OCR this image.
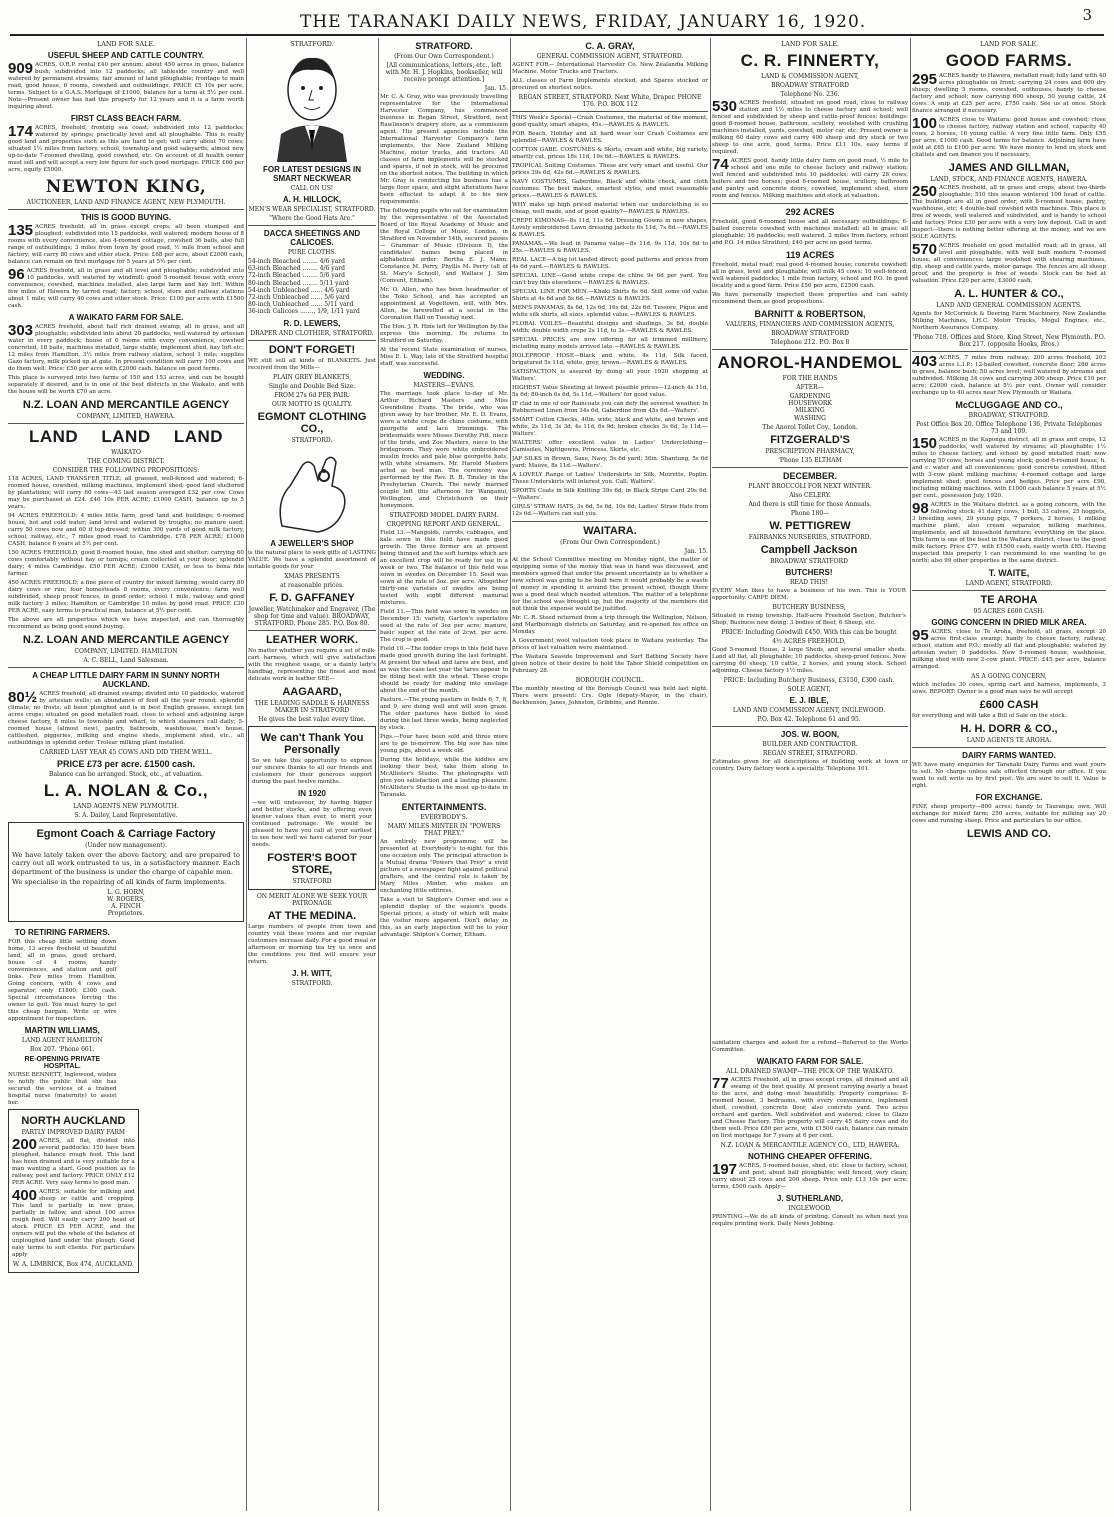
THE TARANAKI DAILY NEWS, FRIDAY, JANUARY 16, 1920.	3
LAND FOR SALE.
USEFUL SHEEP AND CATTLE COUNTRY.
909 ACRES, O.R.P. rental £40 per annum; about 450 acres in grass, balance bush; subdivided into 12 paddocks; all tableside country and well watered by permanent streams; fair amount of land ploughable; frontage to main road, good house, 6 rooms, cowshed and outbuildings. PRICE £5 10s per acre, terms. Subject to a G.A.S. Mortgage of £1000, balance for a term at 5½ per cent. Note—Present owner has had this property for 12 years and it is a farm worth inquiring about.
FIRST CLASS BEACH FARM.
174 ACRES, freehold, fronting sea coast; subdivided into 12 paddocks; watered by springs; practically level and all ploughable. This is really good land and properties such as this are hard to get; will carry about 70 cows; situated 1½ miles from factory, school, township and good saleyards; almost new up-to-date 7-roomed dwelling, good cowshed, etc. On account of ill health owner must sell and will accept a very low figure for such good mortgage. PRICE £60 per acre, equity £5000.
NEWTON KING,
AUCTIONEER, LAND AND FINANCE AGENT, NEW PLYMOUTH.
THIS IS GOOD BUYING.
135 ACRES freehold, all in grass except crops; all been stumped and ploughed; subdivided into 15 paddocks, well watered; modern house of 8 rooms with every convenience, also 4-roomed cottage, cowshed 36 bails, also full range of outbuildings; 3 miles from town by good road, ½ mile from school and factory; will carry 80 cows and other stock. Price: £68 per acre, about £2000 cash, balance can remain on first mortgage for 5 years at 5½ per cent.
96 ACRES freehold, all in grass and all level and ploughable; subdivided into 10 paddocks, well watered by windmill; good 5-roomed house with every convenience, cowshed, machines installed, also large farm and hay loft. Within few miles of Hawera by tarred road; factory, school, store and railway stations about 1 mile; will carry 40 cows and other stock. Price: £100 per acre with £1500 cash.
A WAIKATO FARM FOR SALE.
303 ACRES freehold, about half rich drained swamp, all in grass, and all ploughable; subdivided into about 20 paddocks, well watered by artesian water in every paddock; house of 6 rooms with every convenience, cowshed concreted, 18 bails, machines installed, large stable, implement shed, hay loft etc; 12 miles from Hamilton, 3½ miles from railway station, school 1 mile; supplies Gazo factory, milk picked up at gate. In present condition will carry 100 cows and do them well. Price: £50 per acre with £2000 cash, balance on good terms.
This place is surveyed into two farms of 150 and 153 acres, and can be bought separately if desired, and is in one of the best districts in the Waikato, and with the house will be worth £70 an acre.
N.Z. LOAN AND MERCANTILE AGENCY
COMPANY, LIMITED, HAWERA.
LAND LAND LAND
WAIKATO
THE COMING DISTRICT.
CONSIDER THE FOLLOWING PROPOSITIONS:
118 ACRES, LAND TRANSFER TITLE; all grassed, well-fenced and watered; 6-roomed house, cowshed, milking machines, implement shed; good land sheltered by plantations; will carry 60 cows—43 last season averaged £32 per cow. Cows may be purchased at £24. £46 10s PER ACRE; £1000 CASH, balance up to 5 years.
94 ACRES FREEHOLD; 4 miles little farm, good land and buildings; 6-roomed house, hot and cold water; land level and watered by troughs; no manure used; carry 50 cows now and 60 if top-dressed; within 300 yards of good milk factory, school, railway, etc., 7 miles good road to Cambridge. £78 PER ACRE; £1000 CASH, balance 6 years at 5½ per cent.
150 ACRES FREEHOLD; good 8-roomed house, fine shed and shelter; carrying 60 cows comfortably without hay or turnips; cream collected at your door; splendid dairy; 4 miles Cambridge. £50 PER ACRE; £3000 CASH, or less to bona fide farmer.
450 ACRES FREEHOLD; a fine piece of country for mixed farming, would carry 80 dairy cows or run; four homesteads 8 rooms, every convenience; farm well subdivided, sheep proof fences, in good order; school 1 mile, railway and good milk factory 3 miles; Hamilton or Cambridge 10 miles by good road. PRICE £30 PER ACRE, easy terms to practical man, balance at 5½ per cent.
The above are all properties which we have inspected, and can thoroughly recommend as being good sound buying.
N.Z. LOAN AND MERCANTILE AGENCY
COMPANY, LIMITED. HAMILTON
A. C. BELL, Land Salesman.
A CHEAP LITTLE DAIRY FARM IN SUNNY NORTH AUCKLAND.
80½ ACRES freehold, all drained swamp; divided into 10 paddocks, watered by artesian wells; an abundance of feed all the year round; splendid climate; no frosts; all been ploughed and is in best English grasses, except ten acres crops; situated on good metalled road, close to school and adjoining large cheese factory, 8 miles to township and wharf, to which steamers call daily; 5-roomed house (almost new), pantry, bathroom, washhouse, men's house, cattleshed, piggeries, milking and engine sheds, implement shed, etc., all outbuildings in splendid order. Trolear milking plant installed.
CARRIED LAST YEAR 45 COWS AND DID THEM WELL.
PRICE £73 per acre. £1500 cash.
Balance can be arranged. Stock, etc., at valuation.
L. A. NOLAN & Co.,
LAND AGENTS NEW PLYMOUTH.
S. A. Dailey, Land Representative.
Egmont Coach & Carriage Factory
(Under new management).
We have lately taken over the above factory, and are prepared to carry out all work entrusted to us, in a satisfactory manner. Each department of the business is under the charge of capable men.
We specialise in the repairing of all kinds of farm implements.
L. G. HORN,
W. ROGERS,
A. FINCH
Proprietors.
TO RETIRING FARMERS.
FOR this cheap little settling down home, 13 acres freehold of beautiful land, all in grass, good orchard, house of 4 rooms, handy conveniences, and station and golf links. Few miles from Hamilton. Going concern, with 4 cows and separator, only £1800; £300 cash. Special circumstances forcing the owner to quit. You must hurry to get this cheap bargain. Write or wire appointment for inspection.
MARTIN WILLIAMS,
LAND AGENT HAMILTON
Box 207. 'Phone 661.
RE-OPENING PRIVATE HOSPITAL.
NURSE BENNETT, Inglewood, wishes to notify the public that she has secured the services of a trained hospital nurse (maternity) to assist her.

NORTH AUCKLAND
PARTLY IMPROVED DAIRY FARM
200 ACRES, all flat, divided into several paddocks; 150 have been ploughed, balance rough feed. This land has been drained and is very suitable for a man wanting a start. Good position as to railway, post and factory. PRICE ONLY £12 PER ACRE. Very easy terms to good man.
400 ACRES, suitable for milking and sheep or cattle and cropping. This land is partially in new grass, partially in fallow, and about 100 acres rough feed. Will easily carry 200 head of stock. PRICE £5 PER ACRE, and the owners will put the whole of the balance of unploughed land under the plough. Good easy terms to suit clients. For particulars apply
W. A. LIMBRICK, Box 474, AUCKLAND.
STRATFORD.
FOR LATEST DESIGNS IN SMART NECKWEAR
CALL ON US!
A. H. HILLOCK,
MEN'S WEAR SPECIALIST, STRATFORD.
"Where the Good Hats Are."
DACCA SHEETINGS AND CALICOES.
PURE CLOTHS.
54-inch Bleached ........ 4/6 yard
63-inch Bleached ........ 4/6 yard
72-inch Bleached ........ 5/6 yard
80-inch Bleached ........ 5/11 yard
54-inch Unbleached ...... 4/6 yard
72-inch Unbleached ...... 5/6 yard
80-inch Unbleached ...... 5/11 yard
36-inch Calicoes ........ 1/9, 1/11 yard
R. D. LEWERS,
DRAPER AND CLOTHIER, STRATFORD.
DON'T FORGET!
WE still sell all kinds of BLANKETS. Just received from the Mills—
PLAIN GREY BLANKETS,
Single and Double Bed Size.
FROM 27s 6d PER PAIR.
OUR MOTTO IS QUALITY.
EGMONT CLOTHING CO.,
STRATFORD.
A JEWELLER'S SHOP
is the natural place to seek gifts of LASTING VALUE. We have a splendid assortment of suitable goods for your
XMAS PRESENTS
at reasonable prices.
F. D. GAFFANEY
Jeweller, Watchmaker and Engraver, (The shop for time and value). BROADWAY, STRATFORD. Phone 285. P.O. Box 80.
LEATHER WORK.
No matter whether you require a set of milk-cart harness, which will give satisfaction with the roughest usage, or a dainty lady's handbag, representing the finest and most delicate work in leather SEE—
AAGAARD,
THE LEADING SADDLE & HARNESS MAKER IN STRATFORD
He gives the best value every time.
We can't Thank You Personally
So we take this opportunity to express our sincere thanks to all our friends and customers for their generous support during the past twelve months.
IN 1920
—we will endeavour, by having bigger and better stocks, and by offering even keener values than ever, to merit your continued patronage. We would be pleased to have you call at your earliest to see how well we have catered for your needs.
FOSTER'S BOOT STORE,
STRATFORD
ON MERIT ALONE WE SEEK YOUR PATRONAGE
AT THE MEDINA.
Large numbers of people from town and country visit these rooms and our regular customers increase daily. For a good meal or afternoon or morning tea try us once and the conditions you find will ensure your return.
J. H. WITT,
STRATFORD.
STRATFORD.
(From Our Own Correspondent.)
[All communications, letters, etc., left with Mr. H. J. Hopkins, bookseller, will receive prompt attention.]
Jan. 15.
Mr. C. A. Gray, who was previously travelling representative for the International Harvester Company, has commenced business in Regan Street, Stratford, next Rawlinson's drapery store, as a commission agent. His present agencies include the International Harvester Company's farm implements, the New Zealand Milking Machine, motor trucks, and tractors. All classes of farm implements will be stocked and spares, if not in stock, will be procured on the shortest notice. The building in which Mr. Gray is conducting his business has a large floor space, and slight alterations have been effected to adapt it to his new requirements.
The following pupils who sat for examination by the representative of the Associated Board of the Royal Academy of Music and the Royal College of Music, London, in Stratford on November 14th, secured passes — Grammar of Music (Division I), the candidates' names being placed in alphabetical order: Bertha E. J. Mann, Constance M. Perry, Phyllis M. Perry (all of St. Mary's School), and Wallace J. Sim (Convent, Eltham).
Mr. O. Allen, who has been headmaster of the Toko School, and has accepted an appointment at Vogeltown, will, with Mrs. Allen, be farewelled at a social in the Coronation Hall on Tuesday next.
The Hon. J. R. Hine left for Wellington by the express this morning. He returns to Stratford on Saturday.
At the recent State examination of nurses, Miss E. L. Way, late of the Stratford hospital staff, was successful.
WEDDING.
MASTERS—EVANS.
The marriage took place to-day of Mr. Arthur Richard Masters and Miss Gwendoline Evans. The bride, who was given away by her brother, Mr. E. D. Evans, wore a white crepe de chine costume, with georgette and lace trimmings. The bridesmaids were Misses Dorothy Pitt, niece of the bride, and Zoe Masters, niece to the bridegroom. They wore white embroidered muslin frocks and pale blue georgette hats, with white streamers. Mr. Harold Masters acted as best man. The ceremony was performed by the Rev. R. B. Tinsley in the Presbyterian Church. The newly married couple left this afternoon for Wanganui, Wellington, and Christchurch on their honeymoon.
STRATFORD MODEL DAIRY FARM.
CROPPING REPORT AND GENERAL.
Field 13.—Mangolds, carrots, cabbages, and kale sown in this field have made good growth. The three former are at present being thinned and the soft turnips which are an excellent crop will be ready for use in a week or two. The balance of this field was sown in swedes on December 15. Seed was sown at the rate of 3oz. per acre. Altogether thirty-one varieties of swedes are being tested with eight different manurial mixtures.
Field 11.—This field was sown in swedes on December 15; variety, Garton's superlative seed at the rate of 3oz per acre; manure, basic super, at the rate of 2cwt. per acre. The crop is good.
Field 10.—The fodder crops in this field have made good growth during the last fortnight. At present the wheat and tares are best, and as was the case last year the tares appear to be doing best with the wheat. These crops should be ready for making into ensilage about the end of the month.
Pasture.—The young pasture in fields 6, 7, 8, and 9, are doing well and will soon graze. The older pastures have bolted to seed during the last three weeks, being neglected by stock.
Pigs.—Four have been sold and three more are to go to-morrow. The big sow has nine young pigs, about a week old.
During the holidays, while the kiddies are looking their best, take them along to McAllister's Studio. The photographs will give you satisfaction and a lasting pleasure. McAllister's Studio is the most up-to-date in Taranaki.
ENTERTAINMENTS.
EVERYBODY'S.
MARY MILES MINTER IN "POWERS THAT PREY."
An entirely new programme will be presented at Everybody's to-night for this one occasion only. The principal attraction is a Mutual drama "Powers that Prey" a vivid picture of a newspaper fight against political grafters, and the central role is taken by Mary Miles Minter, who makes an enchanting little editress.
Take a visit to Shipton's Corner and see a splendid display of the season's goods. Special prices, a study of which will make the visitor more apparent. Don't delay in this, as an early inspection will be to your advantage. Shipton's Corner, Eltham.
C. A. GRAY,
GENERAL COMMISSION AGENT, STRATFORD.
AGENT FOR— International Harvester Co. New Zealandia Milking Machine. Motor Trucks and Tractors.
ALL classes of Farm Implements stocked, and Spares stocked or procured on shortest notice.
REGAN STREET, STRATFORD. Next White, Draper. PHONE 176. P.O. BOX 112
THIS Week's Special—Crash Costumes, the material of the moment, good quality, smart shapes, 45s.—RAWLES & RAWLES.
FOR Beach, Holiday and all hard wear our Crash Costumes are splendid—RAWLES & RAWLES.
COTTON GABE. COSTUMES & Skirts, cream and white, big variety, smartly cut, prices 18s 11d, 19s 6d.—RAWLES & RAWLES.
TROPICAL Suiting Costumes. These are very smart and useful. Our prices 39s 6d, 42s 6d.—RAWLES & RAWLES.
NAVY COSTUMES, Gaberdine, Black and white check, and cloth costumes. The best makes, smartest styles, and most reasonable prices.—RAWLES & RAWLES.
WHY make up high priced material when our underclothing is so cheap, well made, and of good quality?—RAWLES & RAWLES.
CREPE KIMONAS—8s 11d, 11s 6d. Dressing Gowns in new shapes, Lovely embroidered Lawn dressing jackets 6s 11d, 7s 6d.—RAWLES & RAWLES.
PANAMAS.—We lead in Panama value—8s 11d, 9s 11d, 10s 6d to 25s.—RAWLES & RAWLES.
REAL LACE—A big lot landed direct; good patterns and prices from 4s 6d yard.—RAWLES & RAWLES.
SPECIAL LINE—Good white crepe de chine 9s 6d per yard. You can't buy this elsewhere.—RAWLES & RAWLES.
SPECIAL LINE FOR MEN.—Khaki Shirts 6s 6d. Still some old value Shirts at 4s 6d and 5s 6d.—RAWLES & RAWLES.
MEN'S PANAMAS, 8s 6d, 12s 6d, 16s 6d, 22s 6d. Tussore, Pique and white silk shirts, all sizes, splendid value.—RAWLES & RAWLES.
FLORAL VOILES—Beautiful designs and shadings, 3s 6d, double width; double width crepe 2s 11d, to 3s.—RAWLES & RAWLES.
SPECIAL PRICES are now offering for all trimmed millinery, including many models arrived late.—RAWLES & RAWLES.
HOLEPROOF HOSE—Black and white, 4s 11d, Silk faced, brigatured 5s 11d, white, grey, brown.—RAWLES & RAWLES.
SATISFACTION is assured by doing all your 1920 shopping at Walters'.
HIGHEST Value Sheeting at lowest possible prices—12-inch 4s 11d, 5s 6d; 80-inch 6s 6d, 5s 11d.—Walters' for good value.
IF clad in one of our Raincoats you can defy the severest weather. In Rubberised Linen from 34s 6d, Gaberdine from 45s 6d.—Walters'.
SMART Cotton Checks, 40in. wide, black and white, and brown and white, 2s 11d, 3s 3d, 4s 11d, 6s 9d; broken checks 3s 6d, 3s 11d.—Walters'.
WALTERS' offer excellent value in Ladies' Underclothing—Camisoles, Nightgowns, Princess, Skirts, etc.
JAP SILKS in Brown, Saxe, Navy, 5s 6d yard; 36in. Shantung, 5s 6d yard; Mauve, 8s 11d.—Walters'.
A LOVELY Range of Ladies' Underskirts in Silk, Moirette, Poplin. These Underskirts will interest you. Call. Walters'.
SPORTS Coats in Silk Knitting 39s 6d; in Black Stripe Card 29s 6d.—Walters'.
GIRLS' STRAW HATS, 3s 6d, 5s 6d, 10s 6d; Ladies' Straw Hats from 12s 6d.—Walters can suit you.
WAITARA.
(From Our Own Correspondent.)
Jan. 15.
At the School Committee meeting on Monday night, the matter of equipping some of the money that was in hand was discussed, and members agreed that under the present uncertainty as to whether a new school was going to be built here it would probably be a waste of money in spending it around the present school, though there was a good deal which needed attention. The matter of a telephone for the school was brought up, but the majority of the members did not think the expense would be justified.
Mr. C. R. Steed returned from a trip through the Wellington, Nelson, and Marlborough districts on Saturday, and re-opened his office on Monday.
A Government wool valuation took place in Waitara yesterday. The prices of last valuation were maintained.
The Waitara Seaside Improvement and Surf Bathing Society have given notice of their desire to hold the Tabor Shield competition on February 28.
BOROUGH COUNCIL.
The monthly meeting of the Borough Council was held last night. There were present: Crs. Ogle (deputy-Mayor, in the chair), Beckhenson, Janes, Johnston, Gribbins, and Rennie.
LAND FOR SALE.
C. R. FINNERTY,
LAND & COMMISSION AGENT,
BROADWAY STRATFORD
Telephone No. 236.
530 ACRES freehold, situated on good road, close to railway station and 1½ miles to cheese factory and school; well fenced and subdivided by sheep and cattle-proof fences; buildings: good 8-roomed house, bathroom, scullery, woolshed with crushing machines installed, yards, cowshed, motor car, etc. Present owner is milking 60 dairy cows and carry 400 sheep and dry stock or two sheep to one acre, good terms. Price £11 10s, easy terms if required.
74 ACRES good, handy little dairy farm on good road, ½ mile to school and one mile to cheese factory and railway station; well fenced and subdivided into 10 paddocks; will carry 28 cows; heifers and two horses; good 6-roomed house, scullery, bathroom and pantry and concrete doors, cowshed, implement shed, store room and fences. Milking machines and stock at valuation.
292 ACRES
Freehold, good 6-roomed house and all necessary outbuildings; 6-bailed concrete cowshed with machines installed; all in grass; all ploughable; 16 paddocks; well watered. 2 miles from factory, school and P.O. 14 miles Stratford; £40 per acre on good terms.
119 ACRES
Freehold, metal road; real good 4-roomed house; concrete cowshed; all in grass, level and ploughable; will milk 45 cows; 10 well-fenced, well watered paddocks; 1 mile from factory, school and P.O. In good locality and a good farm. Price £56 per acre, £2500 cash.
We have personally inspected these properties and can safely recommend them as good propositions.
BARNITT & ROBERTSON,
VALUERS, FINANCIERS AND COMMISSION AGENTS,
BROADWAY STRATFORD
Telephone 212. P.O. Box 8
ANOROL-HANDEMOL
FOR THE HANDS
AFTER—
GARDENING
HOUSEWORK
MILKING
WASHING
The Anorol Toilet Coy., London.
FITZGERALD'S
PRESCRIPTION PHARMACY,
'Phone 135 ELTHAM
DECEMBER.
PLANT BROCCOLI FOR NEXT WINTER.
Also CELERY.
And there is still time for those Annuals.
Phone 180—
W. PETTIGREW
FAIRBANKS NURSERIES, STRATFORD.
Campbell Jackson
BROADWAY STRATFORD
BUTCHERS!
READ THIS!
EVERY Man likes to have a business of his own. This is YOUR opportunity. CARPE DIEM.
BUTCHERY BUSINESS,
Situated in rising township. Half-acre Freehold Section, Butcher's Shop, Business now doing: 3 bodies of Beef, 6 Sheep, etc.
PRICE: Including Goodwill £450. With this can be bought
4½ ACRES FREEHOLD,
Good 5-roomed House, 2 large Sheds, and several smaller sheds. Land all flat, all ploughable; 10 paddocks, sheep-proof fences. Now carrying 60 sheep, 10 cattle, 2 horses, and young stock. School adjoining. Cheese factory 1½ miles.
PRICE: Including Butchery Business, £3150, £300 cash.
SOLE AGENT,
E. J. IBLE,
LAND AND COMMISSION AGENT, INGLEWOOD.
P.O. Box 42. Telephone 61 and 95.
JOS. W. BOON,
BUILDER AND CONTRACTOR.
REGAN STREET, STRATFORD.
Estimates given for all descriptions of building work at town or country. Dairy factory work a speciality. Telephone 101.
LAND FOR SALE.
GOOD FARMS.
295 ACRES handy to Hawera, metalled road; hilly land with 40 acres ploughable on front; carrying 24 cows and 600 dry sheep; dwelling 5 rooms, cowshed, outhouses, handy to cheese factory and school; now carrying 600 sheep, 50 young cattle, 24 cows. A snip at £25 per acre, £750 cash. See us at once. Stock finance arranged if necessary.
100 ACRES close to Waitara; good house and cowshed; close to cheese factory, railway station and school, capacity 40 cows, 2 horses, 16 young cattle. A very fine little farm. Only £55 per acre, £1000 cash. Good terms for balance. Adjoining farm have sold at £65 to £100 per acre. We have money to lend on stock and chattels and can finance you if necessary.
JAMES AND GILLMAN,
LAND, STOCK, AND FINANCE AGENTS, HAWERA.
250 ACRES freehold, all in grass and crops, about two-thirds ploughable; 510 this season wintered 100 head of cattle. The buildings are all in good order, with 8-roomed house, pantry, washhouse, etc; 4 double-bail cowshed with machines. This place is free of weeds, well watered and subdivided, and is handy to school and factory. Price £30 per acre with a very low deposit. Call in and inspect—there is nothing better offering at the money, and we are SOLE AGENTS.
570 ACRES freehold on good metalled road; all in grass, all level and ploughable, with well built modern 7-roomed house, all conveniences; large woolshed with shearing machines, dip, sheep and cattle yards, motor garage. The fences are all sheep proof, and the property is free of weeds. Stock can be had at valuation. Price £20 per acre, £3000 cash.
A. L. HUNTER & CO.,
LAND AND GENERAL COMMISSION AGENTS.
Agents for McCormick & Deering Farm Machinery, New Zealandia Milking Machines, I.H.C. Motor Trucks, Mogul Engines, etc., Northern Assurance Company.
'Phone 718. Offices and Store, King Street, New Plymouth. P.O. Box 217. (opposite Hooks, Bros.)
403 ACRES, 7 miles from railway; 200 acres freehold, 203 acres L.I.P.; 12-bailed cowshed, concrete floor; 280 acres in grass, balance bush; 50 acres level; well watered by streams and subdivided. Milking 34 cows and carrying 300 sheep. Price £10 per acre; £2000 cash, balance at 5½ per cent. Owner will consider exchange up to 40 acres near New Plymouth or Waitara.
McCLUGGAGE AND CO.,
BROADWAY, STRATFORD.
Post Office Box 20. Office Telephone 136, Private Telephones 73 and 109.
150 ACRES in the Kaponga district, all in grass and crops, 12 paddocks, well watered by streams; all ploughable; 1½ miles to cheese factory, and school by good metalled road; now carrying 50 cows, horses and young stock; good 6-roomed house, h. and c. water and all conveniences; good concrete cowshed, fitted with 3-cow plant milking machine; 4-roomed cottage and large implement shed; good fences and hedges. Price per acre £90, including milking machines, with £1000 cash balance 5 years at 5½ per cent., possession July, 1920.
98 ACRES in the Waitara district, as a going concern, with the following stock: 41 dairy cows, 1 bull, 33 calves, 25 hoggets, 3 breeding sows, 29 young pigs, 7 porkers, 2 horses, 1 milking machine plant, also cream separator, milking machines, implements, and all household furniture; everything on the place. This farm is one of the best in the Waitara district, close to the good milk factory. Price £77, with £1500 cash, easily worth £85. Having inspected this property I can recommend to one wanting to go north; also 99 other properties in the same district.
T. WAITE,
LAND AGENT, STRATFORD.
TE AROHA
95 ACRES £600 CASH.
GOING CONCERN IN DRIED MILK AREA.
95 ACRES, close to Te Aroha, freehold, all grass, except 20 acres first-class swamp; handy to cheese factory, railway, school, station and P.O.; mostly all flat and ploughable; watered by artesian water; 9 paddocks. New 5-roomed house, washhouse, milking shed with new 2-cow plant. PRICE: £45 per acre, balance arranged.
AS A GOING CONCERN,
which includes 30 cows, spring cart and harness, implements, 3 sows. REPORT: Owner is a good man says he will accept
£600 CASH
for everything and will take a Bill of Sale on the stock.
H. H. DORR & CO.,
LAND AGENTS TE AROHA.
DAIRY FARMS WANTED.
WE have many enquiries for Taranaki Dairy Farms and want yours to sell. No charge unless sale effected through our office. If you want to sell write us by first post. We are sure to sell it. Value is right.
FOR EXCHANGE.
FINE sheep property—800 acres; handy to Tauranga; own. Will exchange for mixed farm; 250 acres, suitable for milking say 20 cows and running sheep. Price and particulars to our office.
LEWIS AND CO.
sanitation charges and asked for a refund—Referred to the Works Committee.
WAIKATO FARM FOR SALE.
ALL DRAINED SWAMP—THE PICK OF THE WAIKATO.
77 ACRES Freehold, all in grass except crops, all drained and all swamp of the best quality. At present carrying nearly a beast to the acre, and doing most beautifully. Property comprises: 8-roomed house, 3 bedrooms, with every convenience, implement shed, cowshed, concrete floor, also concrete yard. Two acres orchard and garden. Well subdivided and watered; close to Glazo and Cheese Factory. This property will carry 45 dairy cows and do them well. Price £80 per acre, with £1500 cash, balance can remain on first mortgage for 7 years at 6 per cent.
N.Z. LOAN & MERCANTILE AGENCY CO., LTD, HAWERA.
NOTHING CHEAPER OFFERING.
197 ACRES, 5-roomed house, shed, etc. close to factory, school, and post; about half ploughable; well fenced, very clean; carry about 25 cows and 200 sheep. Price only £13 10s per acre; terms, £500 cash. Apply—
J. SUTHERLAND,
INGLEWOOD.
PRINTING.—We do all kinds of printing. Consult us when next you require printing work. Daily News Jobbing.
